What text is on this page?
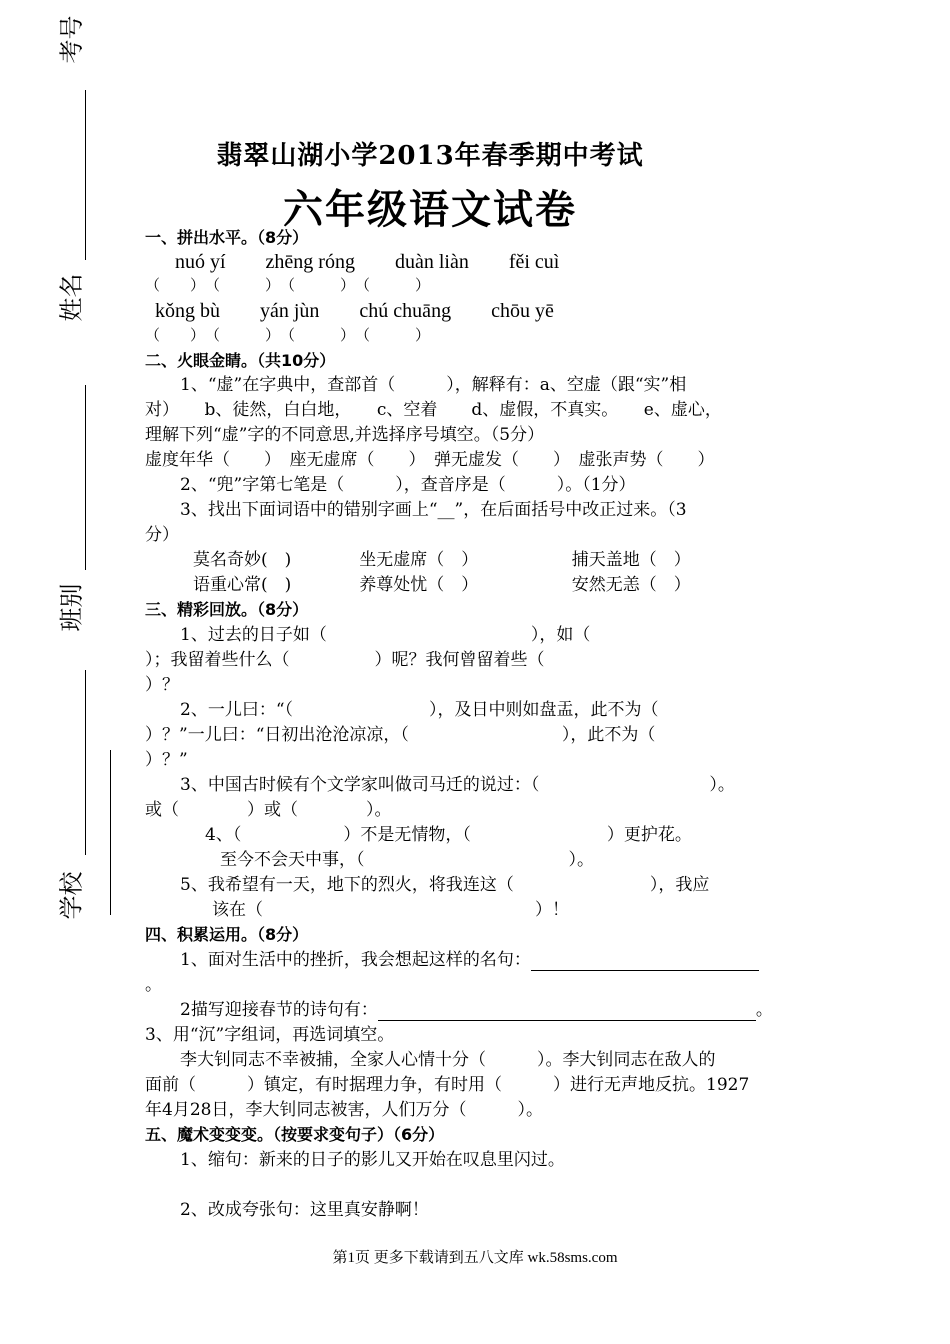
考号
姓名
班别
学校
翡翠山湖小学2013年春季期中考试
六年级语文试卷
一、拼出水平。（8分）
nuó yí　　zhēng róng　　duàn liàn　　fěi cuì
（　　）　（　　　）　（　　　）　（　　　）
kǒng bù　　yán jùn　　chú chuāng　　chōu yē
（　　）　（　　　）　（　　　）　（　　　）
二、火眼金睛。（共10分）
1、“虚”在字典中，查部首（　　　），解释有：a、空虚（跟“实”相
对）　　b、徒然，白白地，　　c、空着　　d、虚假，不真实。　　e、虚心，
理解下列“虚”字的不同意思,并选择序号填空。（5分）
虚度年华（　　）　座无虚席（　　）　弹无虚发（　　）　虚张声势（　　）
2、“兜”字第七笔是（　　　），查音序是（　　　）。（1分）
3、找出下面词语中的错别字画上“__”，在后面括号中改正过来。（3
分）
莫名奇妙(　)　　　　坐无虚席（　）　　　　　　捕天盖地（　）
语重心常(　)　　　　养尊处忧（　）　　　　　　安然无恙（　）
三、精彩回放。（8分）
1、过去的日子如（　　　　　　　　　　　　），如（
）；我留着些什么（　　　　　）呢？我何曾留着些（
）？
2、一儿曰：“（　　　　　　　　），及日中则如盘盂，此不为（
）？”一儿曰：“日初出沧沧凉凉，（　　　　　　　　　），此不为（
）？”
3、中国古时候有个文学家叫做司马迁的说过：（　　　　　　　　　　）。
或（　　　　）或（　　　　）。
4、（　　　　　　）不是无情物，（　　　　　　　　）更护花。
至今不会天中事，（　　　　　　　　　　　　）。
5、我希望有一天，地下的烈火，将我连这（　　　　　　　　），我应
该在（　　　　　　　　　　　　　　　　）！
四、积累运用。（8分）
1、面对生活中的挫折，我会想起这样的名句：
。
2描写迎接春节的诗句有：	。
3、用“沉”字组词，再选词填空。
李大钊同志不幸被捕，全家人心情十分（　　　）。李大钊同志在敌人的
面前（　　　）镇定，有时据理力争，有时用（　　　）进行无声地反抗。1927
年4月28日，李大钊同志被害，人们万分（　　　）。
五、魔术变变变。（按要求变句子）（6分）
1、缩句：新来的日子的影儿又开始在叹息里闪过。
2、改成夸张句：这里真安静啊！
第1页 更多下载请到五八文库 wk.58sms.com
